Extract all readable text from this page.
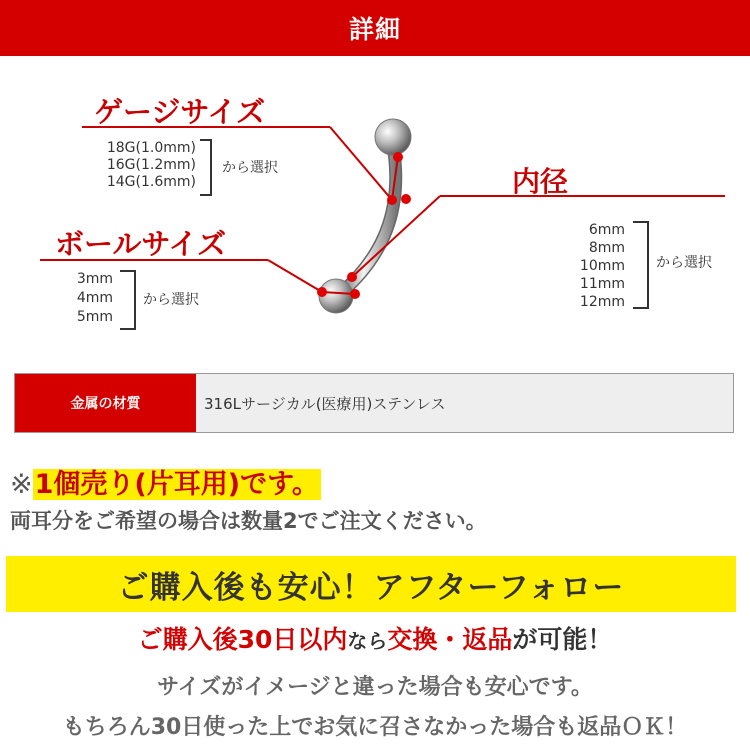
詳細
ゲージサイズ
18G(1.0mm)
16G(1.2mm)
14G(1.6mm)
から選択
ボールサイズ
3mm
4mm
5mm
から選択
内径
6mm
8mm
10mm
11mm
12mm
から選択
金属の材質	316Lサージカル(医療用)ステンレス
※1個売り(片耳用)です。
両耳分をご希望の場合は数量2でご注文ください。
ご購入後も安心！アフターフォロー
ご購入後30日以内なら交換・返品が可能！
サイズがイメージと違った場合も安心です。
もちろん30日使った上でお気に召さなかった場合も返品ＯＫ！
